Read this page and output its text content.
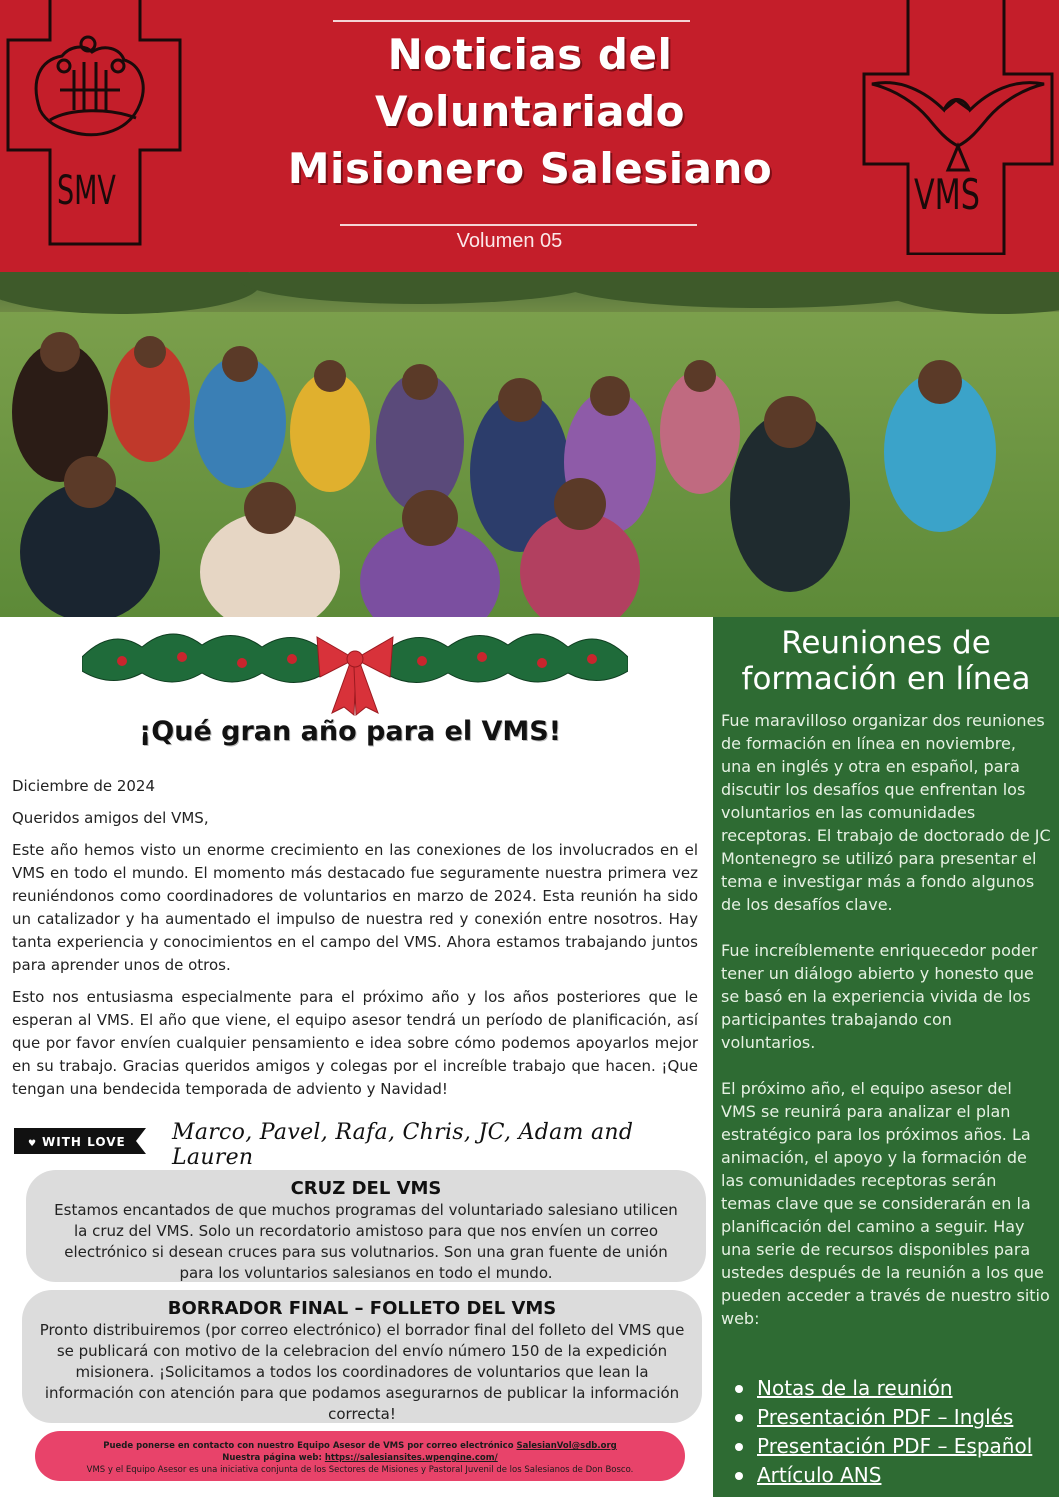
SMV
Noticias del
Voluntariado
Misionero Salesiano
Volumen 05
VMS
¡Qué gran año para el VMS!

Diciembre de 2024

Queridos amigos del VMS,

Este año hemos visto un enorme crecimiento en las conexiones de los involucrados en el VMS en todo el mundo. El momento más destacado fue seguramente nuestra primera vez reuniéndonos como coordinadores de voluntarios en marzo de 2024. Esta reunión ha sido un catalizador y ha aumentado el impulso de nuestra red y conexión entre nosotros. Hay tanta experiencia y conocimientos en el campo del VMS. Ahora estamos trabajando juntos para aprender unos de otros.

Esto nos entusiasma especialmente para el próximo año y los años posteriores que le esperan al VMS. El año que viene, el equipo asesor tendrá un período de planificación, así que por favor envíen cualquier pensamiento e idea sobre cómo podemos apoyarlos mejor en su trabajo. Gracias queridos amigos y colegas por el increíble trabajo que hacen. ¡Que tengan una bendecida temporada de adviento y Navidad!

♥ WITH LOVE Marco, Pavel, Rafa, Chris, JC, Adam and Lauren
CRUZ DEL VMS

Estamos encantados de que muchos programas del voluntariado salesiano utilicen la cruz del VMS. Solo un recordatorio amistoso para que nos envíen un correo electrónico si desean cruces para sus volutnarios. Son una gran fuente de unión para los voluntarios salesianos en todo el mundo.

BORRADOR FINAL – FOLLETO DEL VMS

Pronto distribuiremos (por correo electrónico) el borrador final del folleto del VMS que se publicará con motivo de la celebracion del envío número 150 de la expedición misionera. ¡Solicitamos a todos los coordinadores de voluntarios que lean la información con atención para que podamos asegurarnos de publicar la información correcta!

Puede ponerse en contacto con nuestro Equipo Asesor de VMS por correo electrónico SalesianVol@sdb.org
Nuestra página web: https://salesiansites.wpengine.com/
VMS y el Equipo Asesor es una iniciativa conjunta de los Sectores de Misiones y Pastoral Juvenil de los Salesianos de Don Bosco.
Reuniones de formación en línea

Fue maravilloso organizar dos reuniones de formación en línea en noviembre, una en inglés y otra en español, para discutir los desafíos que enfrentan los voluntarios en las comunidades receptoras. El trabajo de doctorado de JC Montenegro se utilizó para presentar el tema e investigar más a fondo algunos de los desafíos clave.

Fue increíblemente enriquecedor poder tener un diálogo abierto y honesto que se basó en la experiencia vivida de los participantes trabajando con voluntarios.

El próximo año, el equipo asesor del VMS se reunirá para analizar el plan estratégico para los próximos años. La animación, el apoyo y la formación de las comunidades receptoras serán temas clave que se considerarán en la planificación del camino a seguir. Hay una serie de recursos disponibles para ustedes después de la reunión a los que pueden acceder a través de nuestro sitio web:

Notas de la reunión
Presentación PDF – Inglés
Presentación PDF – Español
Artículo ANS
